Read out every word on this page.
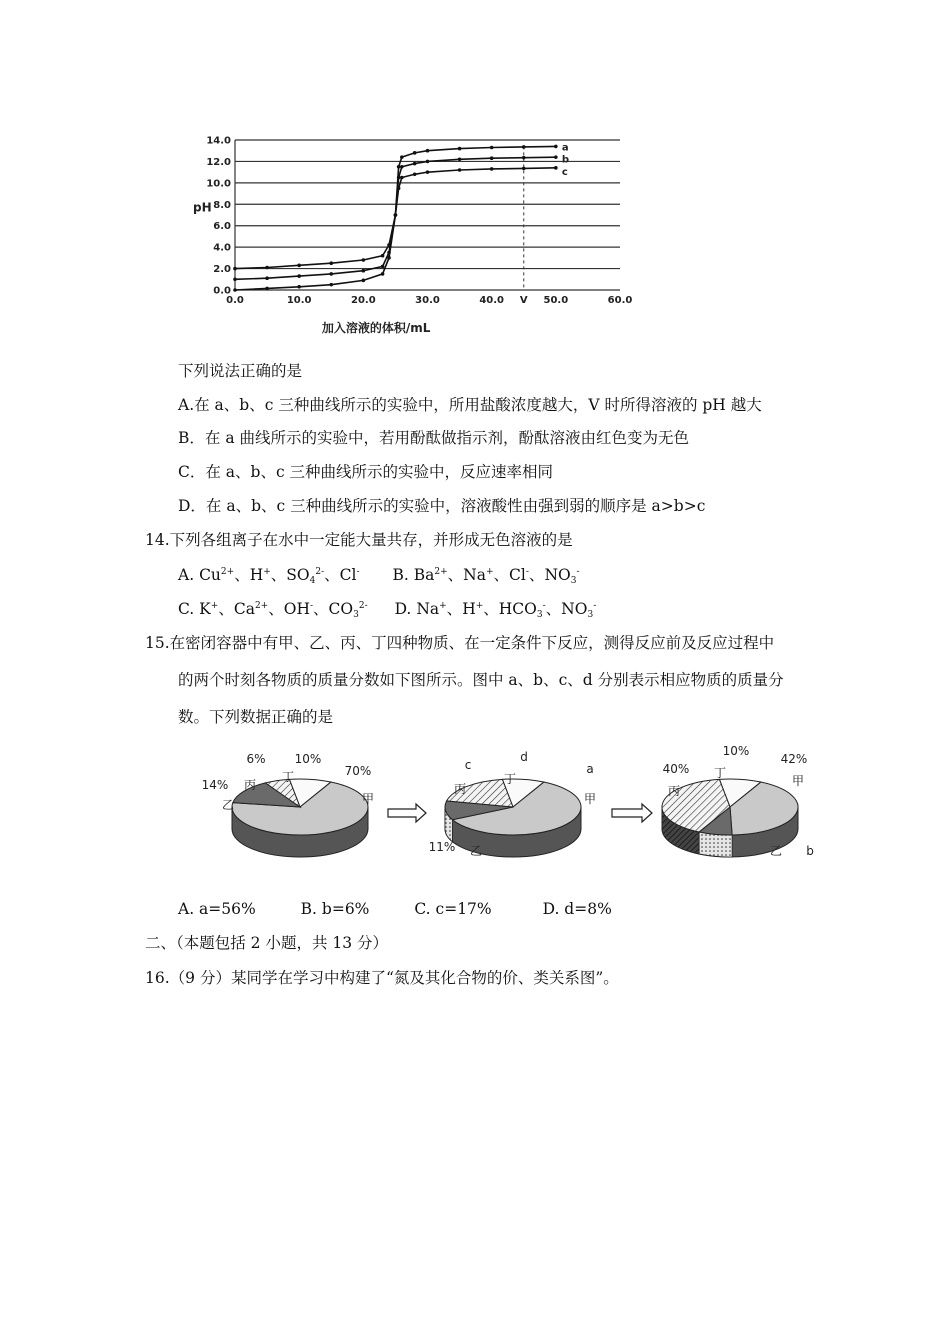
0.0
2.0
4.0
6.0
8.0
10.0
12.0
14.0
0.0	10.0	20.0	30.0	40.0	50.0	60.0
pH
加入溶液的体积/mL
V
a
b
c
下列说法正确的是
A.在 a、b、c 三种曲线所示的实验中，所用盐酸浓度越大，V 时所得溶液的 pH 越大
B．在 a 曲线所示的实验中，若用酚酞做指示剂，酚酞溶液由红色变为无色
C．在 a、b、c 三种曲线所示的实验中，反应速率相同
D．在 a、b、c 三种曲线所示的实验中，溶液酸性由强到弱的顺序是 a>b>c
14.下列各组离子在水中一定能大量共存，并形成无色溶液的是
A. $Cu^{2+}$、H+、$SO_4^{2-}$、Cl- B. $Ba^{2+}$、Na+、Cl-、$NO_3^-$
C. K+、$Ca^{2+}$、OH-、$CO_3^{2-}$ D. Na+、H+、$HCO_3^-$、$NO_3^-$
15.在密闭容器中有甲、乙、丙、丁四种物质、在一定条件下反应，测得反应前及反应过程中
的两个时刻各物质的质量分数如下图所示。图中 a、b、c、d 分别表示相应物质的质量分
数。下列数据正确的是
甲
70%
乙
14% 丙
6%
丁
10%
甲
a
乙
11%
丙
c
丁
d
甲
42%
乙 b
丙
40% 丁
10%
A. a=56%	B. b=6%	C. c=17%	D. d=8%
二、（本题包括 2 小题，共 13 分）
16.（9 分）某同学在学习中构建了“氮及其化合物的价、类关系图”。
